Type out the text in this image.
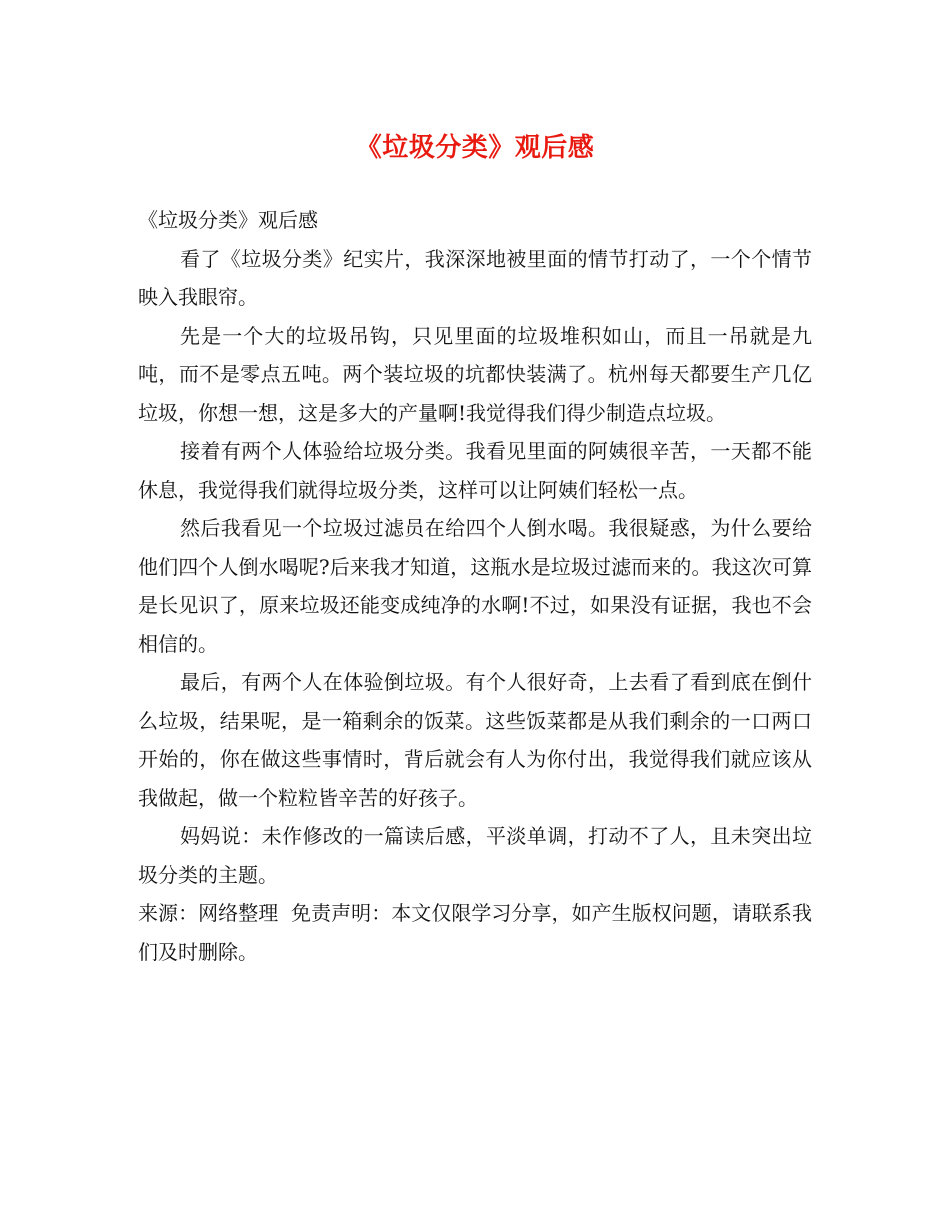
《垃圾分类》观后感

《垃圾分类》观后感

看了《垃圾分类》纪实片，我深深地被里面的情节打动了，一个个情节映入我眼帘。

先是一个大的垃圾吊钩，只见里面的垃圾堆积如山，而且一吊就是九吨，而不是零点五吨。两个装垃圾的坑都快装满了。杭州每天都要生产几亿垃圾，你想一想，这是多大的产量啊!我觉得我们得少制造点垃圾。

接着有两个人体验给垃圾分类。我看见里面的阿姨很辛苦，一天都不能休息，我觉得我们就得垃圾分类，这样可以让阿姨们轻松一点。

然后我看见一个垃圾过滤员在给四个人倒水喝。我很疑惑，为什么要给他们四个人倒水喝呢?后来我才知道，这瓶水是垃圾过滤而来的。我这次可算是长见识了，原来垃圾还能变成纯净的水啊!不过，如果没有证据，我也不会相信的。

最后，有两个人在体验倒垃圾。有个人很好奇，上去看了看到底在倒什么垃圾，结果呢，是一箱剩余的饭菜。这些饭菜都是从我们剩余的一口两口开始的，你在做这些事情时，背后就会有人为你付出，我觉得我们就应该从我做起，做一个粒粒皆辛苦的好孩子。

妈妈说：未作修改的一篇读后感，平淡单调，打动不了人，且未突出垃圾分类的主题。

来源：网络整理  免责声明：本文仅限学习分享，如产生版权问题，请联系我们及时删除。
